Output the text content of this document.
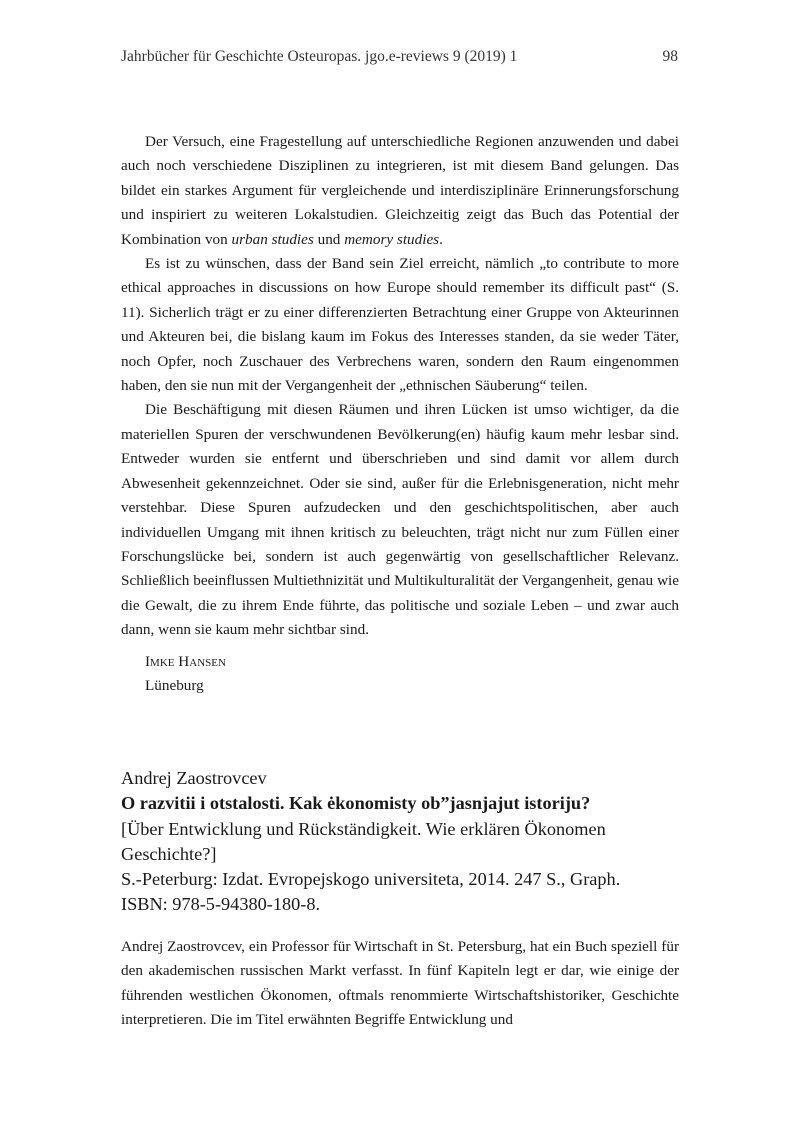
Jahrbücher für Geschichte Osteuropas. jgo.e-reviews 9 (2019) 1	98

Der Versuch, eine Fragestellung auf unterschiedliche Regionen anzuwenden und dabei auch noch verschiedene Disziplinen zu integrieren, ist mit diesem Band gelungen. Das bildet ein starkes Argument für vergleichende und interdisziplinäre Erinnerungsforschung und inspiriert zu weiteren Lokalstudien. Gleichzeitig zeigt das Buch das Potential der Kombination von urban studies und memory studies.

Es ist zu wünschen, dass der Band sein Ziel erreicht, nämlich „to contribute to more ethical approaches in discussions on how Europe should remember its difficult past“ (S. 11). Sicherlich trägt er zu einer differenzierten Betrachtung einer Gruppe von Akteurinnen und Akteuren bei, die bislang kaum im Fokus des Interesses standen, da sie weder Täter, noch Opfer, noch Zuschauer des Verbrechens waren, sondern den Raum eingenommen haben, den sie nun mit der Vergangenheit der „ethnischen Säuberung“ teilen.

Die Beschäftigung mit diesen Räumen und ihren Lücken ist umso wichtiger, da die materiellen Spuren der verschwundenen Bevölkerung(en) häufig kaum mehr lesbar sind. Entweder wurden sie entfernt und überschrieben und sind damit vor allem durch Abwesenheit gekennzeichnet. Oder sie sind, außer für die Erlebnisgeneration, nicht mehr verstehbar. Diese Spuren aufzudecken und den geschichtspolitischen, aber auch individuellen Umgang mit ihnen kritisch zu beleuchten, trägt nicht nur zum Füllen einer Forschungslücke bei, sondern ist auch gegenwärtig von gesellschaftlicher Relevanz. Schließlich beeinflussen Multiethnizität und Multikulturalität der Vergangenheit, genau wie die Gewalt, die zu ihrem Ende führte, das politische und soziale Leben – und zwar auch dann, wenn sie kaum mehr sichtbar sind.

Imke Hansen
Lüneburg
Andrej Zaostrovcev
O razvitii i otstalosti. Kak ėkonomisty ob”jasnjajut istoriju?
[Über Entwicklung und Rückständigkeit. Wie erklären Ökonomen
Geschichte?]
S.-Peterburg: Izdat. Evropejskogo universiteta, 2014. 247 S., Graph.
ISBN: 978-5-94380-180-8.

Andrej Zaostrovcev, ein Professor für Wirtschaft in St. Petersburg, hat ein Buch speziell für den akademischen russischen Markt verfasst. In fünf Kapiteln legt er dar, wie einige der führenden westlichen Ökonomen, oftmals renommierte Wirtschaftshistoriker, Geschichte interpretieren. Die im Titel erwähnten Begriffe Entwicklung und
